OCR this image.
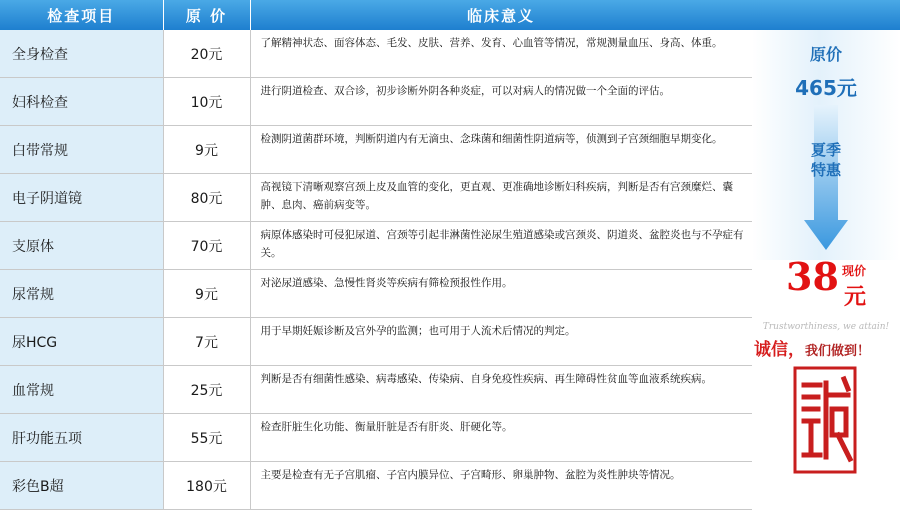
检查项目	原 价	临床意义
全身检查	20元	了解精神状态、面容体态、毛发、皮肤、营养、发育、心血管等情况，常规测量血压、身高、体重。
妇科检查	10元	进行阴道检查、双合诊，初步诊断外阴各种炎症，可以对病人的情况做一个全面的评估。
白带常规	9元	检测阴道菌群环境，判断阴道内有无滴虫、念珠菌和细菌性阴道病等，侦测到子宫颈细胞早期变化。
电子阴道镜	80元	高视镜下清晰观察宫颈上皮及血管的变化，更直观、更准确地诊断妇科疾病，判断是否有宫颈糜烂、囊肿、息肉、癌前病变等。
支原体	70元	病原体感染时可侵犯尿道、宫颈等引起非淋菌性泌尿生殖道感染或宫颈炎、阴道炎、盆腔炎也与不孕症有关。
尿常规	9元	对泌尿道感染、急慢性肾炎等疾病有筛检预报性作用。
尿HCG	7元	用于早期妊娠诊断及宫外孕的监测；也可用于人流术后情况的判定。
血常规	25元	判断是否有细菌性感染、病毒感染、传染病、自身免疫性疾病、再生障碍性贫血等血液系统疾病。
肝功能五项	55元	检查肝脏生化功能、衡量肝脏是否有肝炎、肝硬化等。
彩色B超	180元	主要是检查有无子宫肌瘤、子宫内膜异位、子宫畸形、卵巢肿物、盆腔为炎性肿块等情况。
原价
465元
夏季特惠
38 现价
元
Trustworthiness, we attain!
诚信，我们做到！
